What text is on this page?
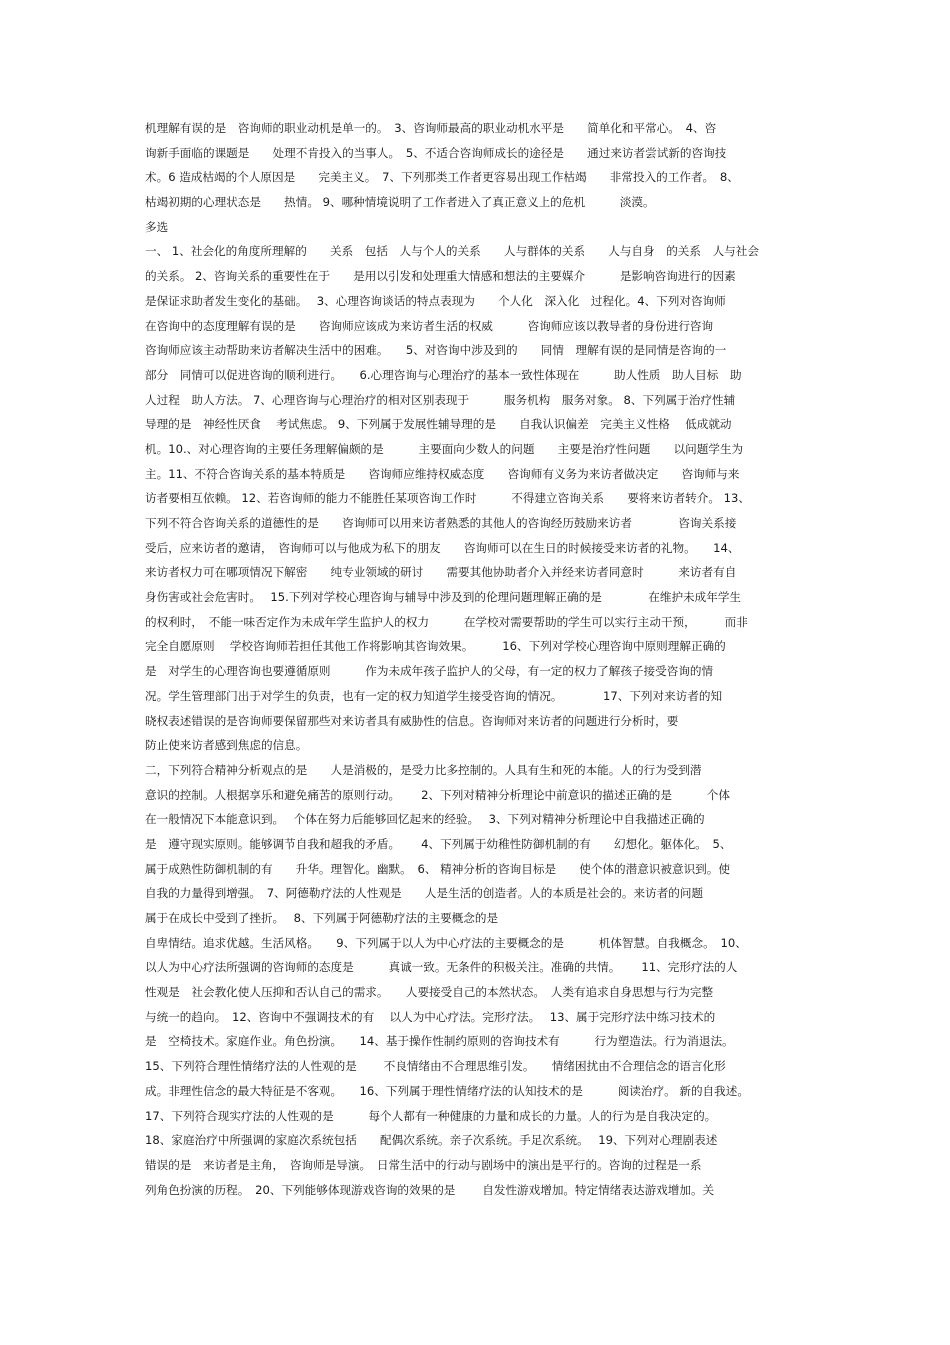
机理解有误的是　咨询师的职业动机是单一的。　3、咨询师最高的职业动机水平是　　简单化和平常心。　4、咨
询新手面临的课题是　　处理不肯投入的当事人。　5、不适合咨询师成长的途径是　　通过来访者尝试新的咨询技
术。6 造成枯竭的个人原因是　　完美主义。　7、下列那类工作者更容易出现工作枯竭　　非常投入的工作者。　8、
枯竭初期的心理状态是　　热情。 9、哪种情境说明了工作者进入了真正意义上的危机　　　淡漠。
多选
一、 1、社会化的角度所理解的　　关系　包括　人与个人的关系　　人与群体的关系　　人与自身　的关系　人与社会
的关系。 2、咨询关系的重要性在于　　是用以引发和处理重大情感和想法的主要媒介　　　是影响咨询进行的因素
是保证求助者发生变化的基础。　 3、心理咨询谈话的特点表现为　　个人化　深入化　过程化。4、下列对咨询师
在咨询中的态度理解有误的是　　咨询师应该成为来访者生活的权威　　　咨询师应该以教导者的身份进行咨询
咨询师应该主动帮助来访者解决生活中的困难。　　5、对咨询中涉及到的　　同情　理解有误的是同情是咨询的一
部分　同情可以促进咨询的顺利进行。　　6.心理咨询与心理治疗的基本一致性体现在　　　助人性质　助人目标　助
人过程　助人方法。 7、心理咨询与心理治疗的相对区别表现于　　　服务机构　服务对象。 8、下列属于治疗性辅
导理的是　神经性厌食　 考试焦虑。 9、下列属于发展性辅导理的是　　自我认识偏差　完美主义性格　 低成就动
机。10.、对心理咨询的主要任务理解偏颇的是　　　主要面向少数人的问题　　主要是治疗性问题　　以问题学生为
主。11、不符合咨询关系的基本特质是　　咨询师应维持权威态度　　咨询师有义务为来访者做决定　　咨询师与来
访者要相互依赖。 12、若咨询师的能力不能胜任某项咨询工作时　　　不得建立咨询关系　　要将来访者转介。 13、
下列不符合咨询关系的道德性的是　　咨询师可以用来访者熟悉的其他人的咨询经历鼓励来访者　　　　咨询关系接
受后，应来访者的邀请，　咨询师可以与他成为私下的朋友　　咨询师可以在生日的时候接受来访者的礼物。　　14、
来访者权力可在哪项情况下解密　　纯专业领域的研讨　　需要其他协助者介入并经来访者同意时　　　来访者有自
身伤害或社会危害时。　 15.下列对学校心理咨询与辅导中涉及到的伦理问题理解正确的是　　　　在维护未成年学生
的权利时，　不能一味否定作为未成年学生监护人的权力　　　在学校对需要帮助的学生可以实行主动干预，　　　而非
完全自愿原则　 学校咨询师若担任其他工作将影响其咨询效果。　　　16、下列对学校心理咨询中原则理解正确的
是　对学生的心理咨询也要遵循原则　　　作为未成年孩子监护人的父母，有一定的权力了解孩子接受咨询的情
况。学生管理部门出于对学生的负责，也有一定的权力知道学生接受咨询的情况。　　　　17、下列对来访者的知
晓权表述错误的是咨询师要保留那些对来访者具有威胁性的信息。咨询师对来访者的问题进行分析时，要
防止使来访者感到焦虑的信息。
二，下列符合精神分析观点的是　　人是消极的，是受力比多控制的。人具有生和死的本能。人的行为受到潜
意识的控制。人根据享乐和避免痛苦的原则行动。　　 2、下列对精神分析理论中前意识的描述正确的是　　　个体
在一般情况下本能意识到。　 个体在努力后能够回忆起来的经验。　 3、下列对精神分析理论中自我描述正确的
是　遵守现实原则。能够调节自我和超我的矛盾。　　 4、下列属于幼稚性防御机制的有　　幻想化。躯体化。　5、
属于成熟性防御机制的有　　升华。理智化。幽默。　6、 精神分析的咨询目标是　　使个体的潜意识被意识到。使
自我的力量得到增强。　7、阿德勒疗法的人性观是　　人是生活的创造者。人的本质是社会的。来访者的问题
属于在成长中受到了挫折。　 8、下列属于阿德勒疗法的主要概念的是
自卑情结。追求优越。生活风格。　　9、下列属于以人为中心疗法的主要概念的是　　　机体智慧。自我概念。　10、
以人为中心疗法所强调的咨询师的态度是　　　真诚一致。无条件的积极关注。准确的共情。　　 11、完形疗法的人
性观是　社会教化使人压抑和否认自己的需求。　　人要接受自己的本然状态。　人类有追求自身思想与行为完整
与统一的趋向。　12、咨询中不强调技术的有　 以人为中心疗法。完形疗法。　 13、属于完形疗法中练习技术的
是　空椅技术。家庭作业。角色扮演。　　14、基于操作性制约原则的咨询技术有　　　行为塑造法。行为消退法。
15、下列符合理性情绪疗法的人性观的是　　 不良情绪由不合理思维引发。　　情绪困扰由不合理信念的语言化形
成。非理性信念的最大特征是不客观。　　16、下列属于理性情绪疗法的认知技术的是　　　阅读治疗。 新的自我述。
17、下列符合现实疗法的人性观的是　　　每个人都有一种健康的力量和成长的力量。人的行为是自我决定的。
18、家庭治疗中所强调的家庭次系统包括　　配偶次系统。亲子次系统。手足次系统。　 19、下列对心理剧表述
错误的是　来访者是主角，　咨询师是导演。　日常生活中的行动与剧场中的演出是平行的。咨询的过程是一系
列角色扮演的历程。　20、下列能够体现游戏咨询的效果的是　　 自发性游戏增加。特定情绪表达游戏增加。关
